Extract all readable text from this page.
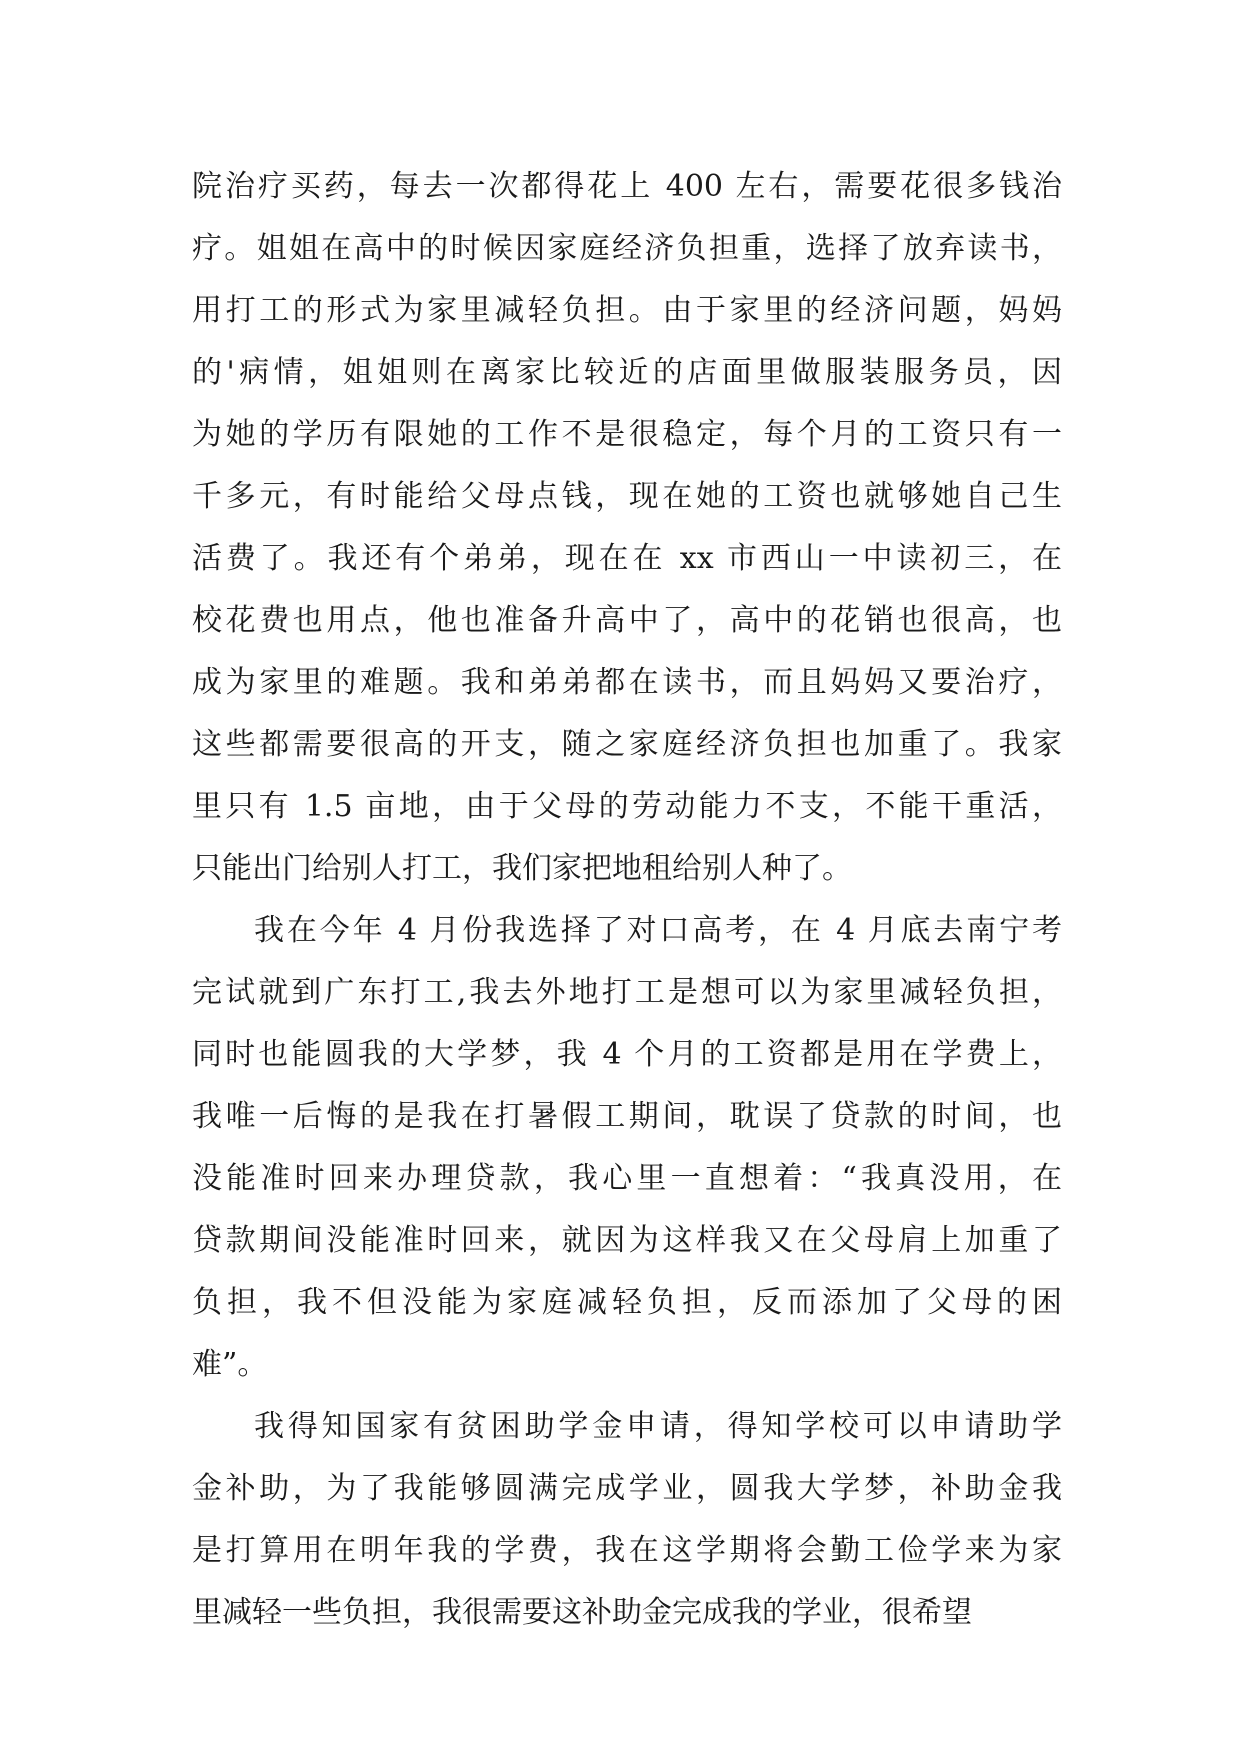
院治疗买药，每去一次都得花上 400 左右，需要花很多钱治
疗。姐姐在高中的时候因家庭经济负担重，选择了放弃读书，
用打工的形式为家里减轻负担。由于家里的经济问题，妈妈
的'病情，姐姐则在离家比较近的店面里做服装服务员，因
为她的学历有限她的工作不是很稳定，每个月的工资只有一
千多元，有时能给父母点钱，现在她的工资也就够她自己生
活费了。我还有个弟弟，现在在 xx 市西山一中读初三，在
校花费也用点，他也准备升高中了，高中的花销也很高，也
成为家里的难题。我和弟弟都在读书，而且妈妈又要治疗，
这些都需要很高的开支，随之家庭经济负担也加重了。我家
里只有 1.5 亩地，由于父母的劳动能力不支，不能干重活，
只能出门给别人打工，我们家把地租给别人种了。
我在今年 4 月份我选择了对口高考，在 4 月底去南宁考
完试就到广东打工,我去外地打工是想可以为家里减轻负担，
同时也能圆我的大学梦，我 4 个月的工资都是用在学费上，
我唯一后悔的是我在打暑假工期间，耽误了贷款的时间，也
没能准时回来办理贷款，我心里一直想着：“我真没用，在
贷款期间没能准时回来，就因为这样我又在父母肩上加重了
负担，我不但没能为家庭减轻负担，反而添加了父母的困
难”。
我得知国家有贫困助学金申请，得知学校可以申请助学
金补助，为了我能够圆满完成学业，圆我大学梦，补助金我
是打算用在明年我的学费，我在这学期将会勤工俭学来为家
里减轻一些负担，我很需要这补助金完成我的学业，很希望
